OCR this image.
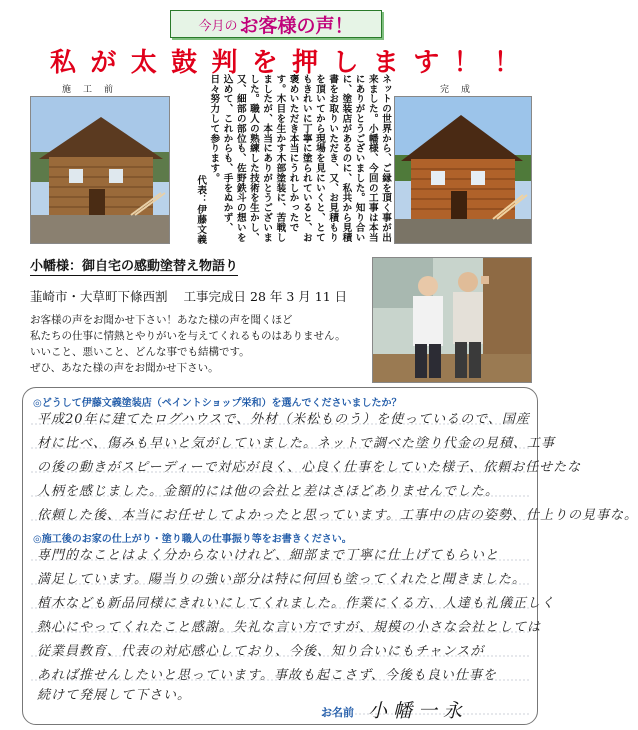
今月の お客様の声！
私 が 太 鼓 判 を 押 し ま す ！ ！
施工前	ネットの世界から、ご縁を頂く事が出来ました。小幡様、今回の工事は本当にありがとうございました。知り合いに、塗装店があるのに、私共から見積書をお取りいただき、又、お見積もりを頂いてから現場を見にいくと、とてもきれいに丁寧に塗られていると、お褒めいただき本当にうれしかったです。木目を生かす木部塗装に、苦戦しましたが、本当にありがとうございました。職人の熟練した技術を生かし、又、細部の部位も、佐野鉄斗の想いを込めて、これからも、手をぬかず、日々努力して参ります。
代表：伊藤文義
完成
小幡様：御自宅の感動塗替え物語り
韮崎市・大草町下條西割 工事完成日 28 年 3 月 11 日
お客様の声をお聞かせ下さい！あなた様の声を聞くほど
私たちの仕事に情熱とやりがいを与えてくれるものはありません。
いいこと、悪いこと、どんな事でも結構です。
ぜひ、あなた様の声をお聞かせ下さい。
◎どうして伊藤文義塗装店（ペイントショップ栄和）を選んでくださいましたか？
平成20年に建てたログハウスで、外材（米松ものう）を使っているので、国産
材に比べ、傷みも早いと気がしていました。ネットで調べた塗り代金の見積、工事
の後の動きがスピーディーで対応が良く、心良く仕事をしていた様子、依頼お任せたな
人柄を感じました。金額的には他の会社と差はさほどありませんでした。
依頼した後、本当にお任せしてよかったと思っています。工事中の店の姿勢、仕上りの見事な。
◎施工後のお家の仕上がり・塗り職人の仕事振り等をお書きください。
専門的なことはよく分からないけれど、細部まで丁寧に仕上げてもらいと
満足しています。陽当りの強い部分は特に何回も塗ってくれたと聞きました。
植木なども新品同様にきれいにしてくれました。作業にくる方、人達も礼儀正しく
熱心にやってくれたこと感謝。失礼な言い方ですが、規模の小さな会社としては
従業員教育、代表の対応感心しており、今後、知り合いにもチャンスが
あれば推せんしたいと思っています。事故も起こさず、今後も良い仕事を
続けて発展して下さい。
お名前 小幡一永
